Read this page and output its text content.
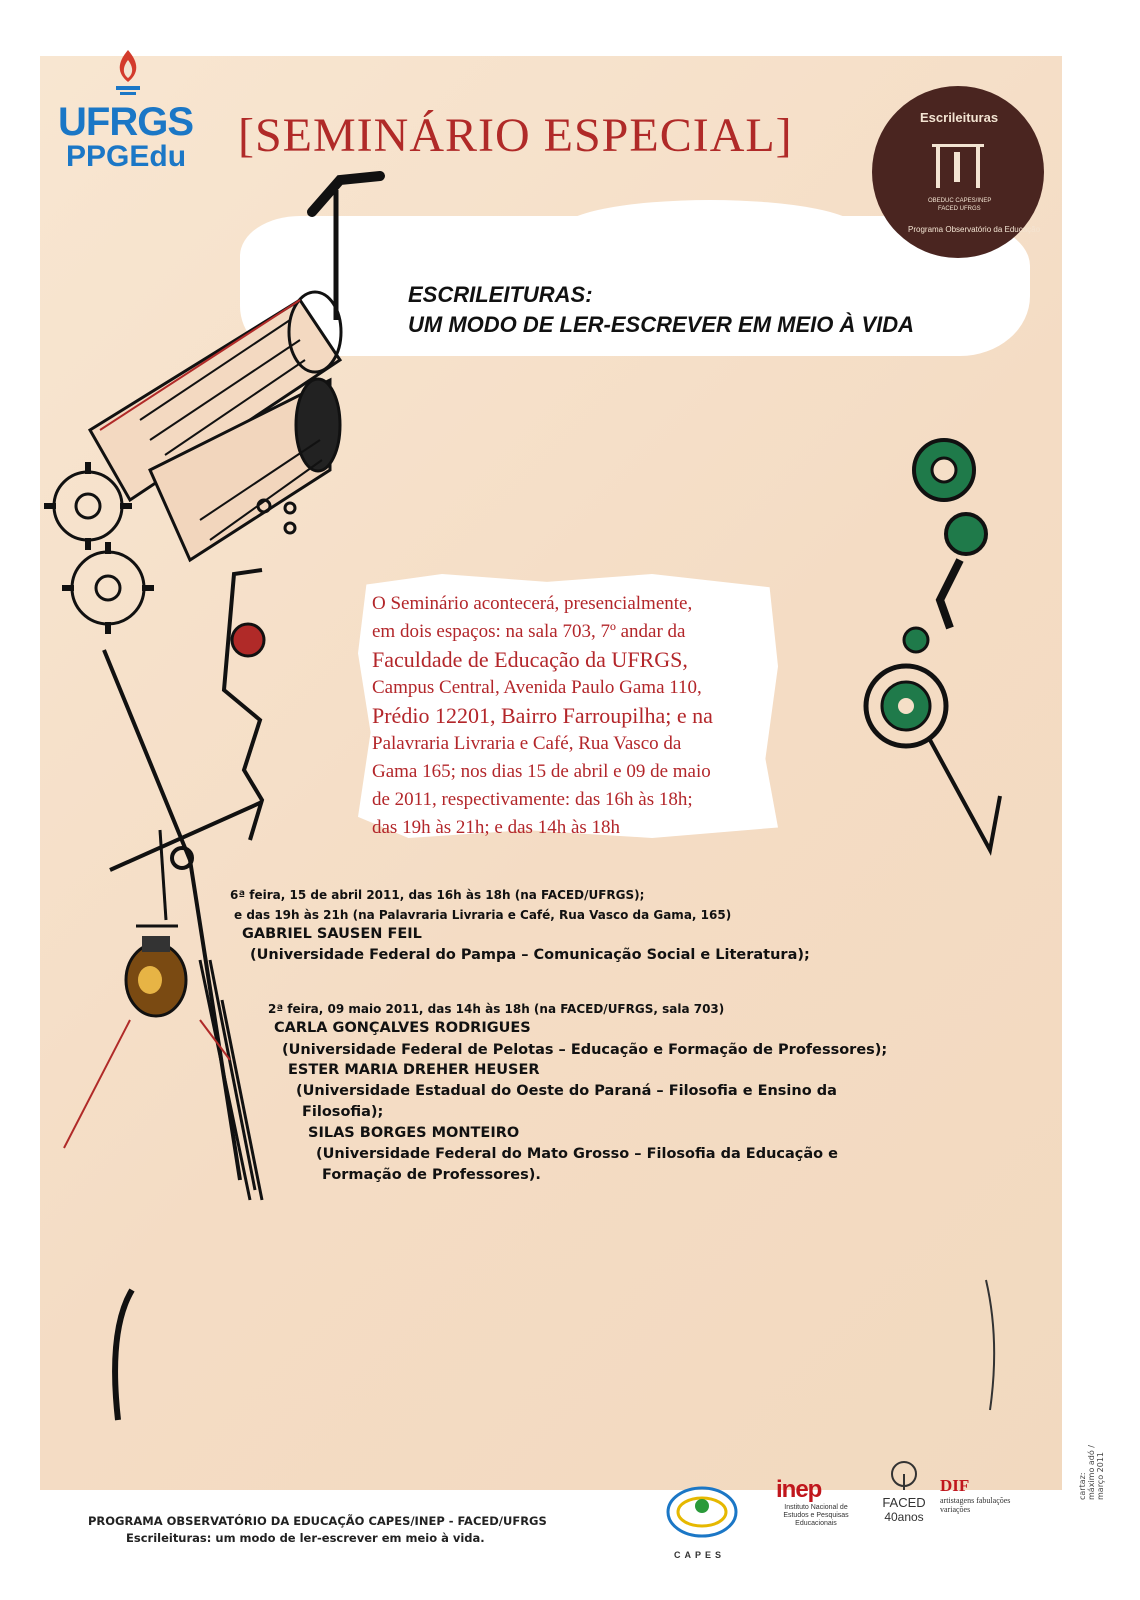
UFRGS
PPGEdu [SEMINÁRIO ESPECIAL]	Escrileituras
OBEDUC CAPES/INEP
FACED UFRGS
Programa Observatório da Educação
ESCRILEITURAS:
UM MODO DE LER-ESCREVER EM MEIO À VIDA
O Seminário acontecerá, presencialmente,
em dois espaços: na sala 703, 7º andar da
Faculdade de Educação da UFRGS,
Campus Central, Avenida Paulo Gama 110,
Prédio 12201, Bairro Farroupilha; e na
Palavraria Livraria e Café, Rua Vasco da
Gama 165; nos dias 15 de abril e 09 de maio
de 2011, respectivamente: das 16h às 18h;
das 19h às 21h; e das 14h às 18h
6ª feira, 15 de abril 2011, das 16h às 18h (na FACED/UFRGS);
e das 19h às 21h (na Palavraria Livraria e Café, Rua Vasco da Gama, 165)
GABRIEL SAUSEN FEIL
(Universidade Federal do Pampa – Comunicação Social e Literatura);
2ª feira, 09 maio 2011, das 14h às 18h (na FACED/UFRGS, sala 703)
CARLA GONÇALVES RODRIGUES
(Universidade Federal de Pelotas – Educação e Formação de Professores);
ESTER MARIA DREHER HEUSER
(Universidade Estadual do Oeste do Paraná – Filosofia e Ensino da
Filosofia);
SILAS BORGES MONTEIRO
(Universidade Federal do Mato Grosso – Filosofia da Educação e
Formação de Professores).
PROGRAMA OBSERVATÓRIO DA EDUCAÇÃO CAPES/INEP - FACED/UFRGS
Escrileituras: um modo de ler-escrever em meio à vida.
cartaz: máximo adó / março 2011
CAPES
inep
Instituto Nacional de Estudos e Pesquisas Educacionais
FACED
40anos
DIF
artistagens fabulações variações
